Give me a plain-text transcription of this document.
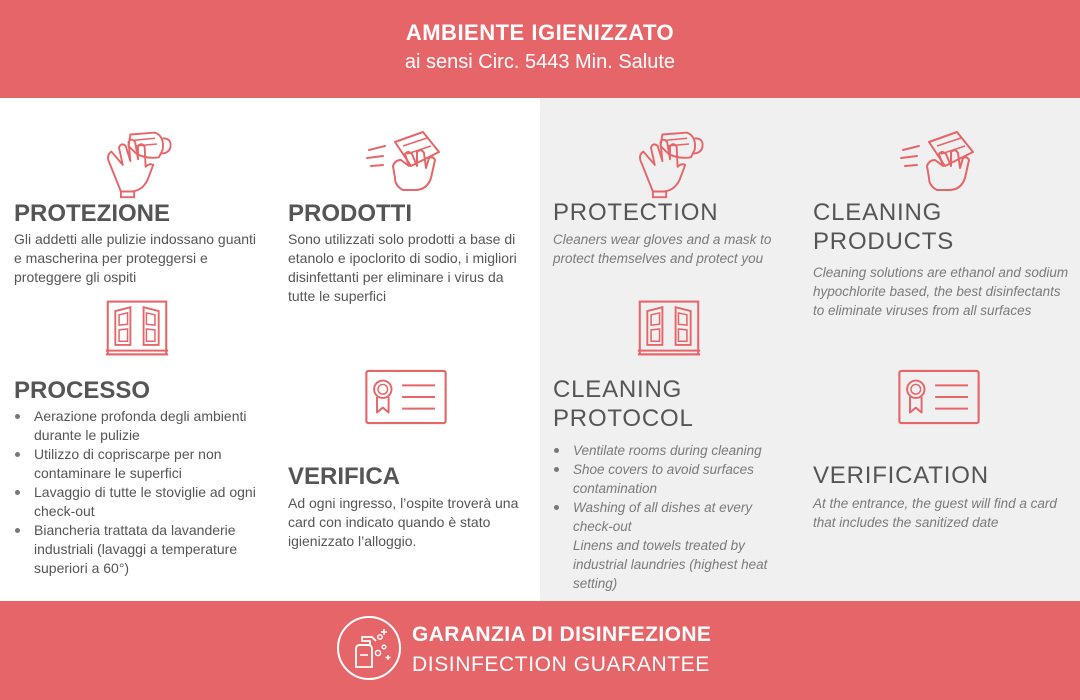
AMBIENTE IGIENIZZATO
ai sensi Circ. 5443 Min. Salute
PROTEZIONE
Gli addetti alle pulizie indossano guanti
e mascherina per proteggersi e
proteggere gli ospiti
PRODOTTI
Sono utilizzati solo prodotti a base di
etanolo e ipoclorito di sodio, i migliori
disinfettanti per eliminare i virus da
tutte le superfici
PROCESSO
Aerazione profonda degli ambienti
durante le pulizie
Utilizzo di copriscarpe per non
contaminare le superfici
Lavaggio di tutte le stoviglie ad ogni
check-out
Biancheria trattata da lavanderie
industriali (lavaggi a temperature
superiori a 60°)
VERIFICA
Ad ogni ingresso, l’ospite troverà una
card con indicato quando è stato
igienizzato l’alloggio.
PROTECTION
Cleaners wear gloves and a mask to
protect themselves and protect you
CLEANING
PRODUCTS
Cleaning solutions are ethanol and sodium
hypochlorite based, the best disinfectants
to eliminate viruses from all surfaces
CLEANING
PROTOCOL
Ventilate rooms during cleaning
Shoe covers to avoid surfaces
contamination
Washing of all dishes at every
check-out
Linens and towels treated by
industrial laundries (highest heat
setting)
VERIFICATION
At the entrance, the guest will find a card
that includes the sanitized date
GARANZIA DI DISINFEZIONE
DISINFECTION GUARANTEE
